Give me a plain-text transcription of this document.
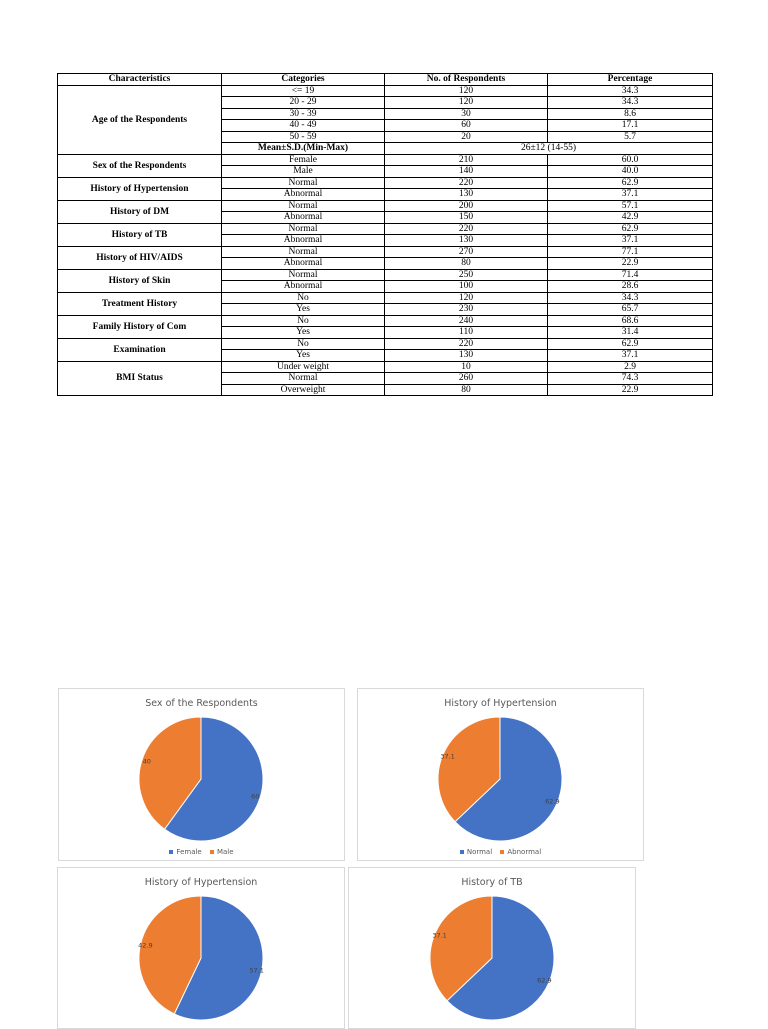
Characteristics	Categories	No. of Respondents	Percentage
Age of the Respondents	<= 19	120	34.3
	20 - 29	120	34.3
	30 - 39	30	8.6
	40 - 49	60	17.1
	50 - 59	20	5.7
	Mean±S.D.(Min-Max)	26±12 (14-55)	
Sex of the Respondents	Female	210	60.0
	Male	140	40.0
History of Hypertension	Normal	220	62.9
	Abnormal	130	37.1
History of DM	Normal	200	57.1
	Abnormal	150	42.9
History of TB	Normal	220	62.9
	Abnormal	130	37.1
History of HIV/AIDS	Normal	270	77.1
	Abnormal	80	22.9
History of Skin	Normal	250	71.4
	Abnormal	100	28.6
Treatment History	No	120	34.3
	Yes	230	65.7
Family History of Com	No	240	68.6
	Yes	110	31.4
Examination	No	220	62.9
	Yes	130	37.1
BMI Status	Under weight	10	2.9
	Normal	260	74.3
	Overweight	80	22.9
Sex of the Respondents
60
40
Female Male
History of Hypertension
62.9
37.1
Normal Abnormal
History of Hypertension
57.1
42.9
History of TB
62.9
37.1
